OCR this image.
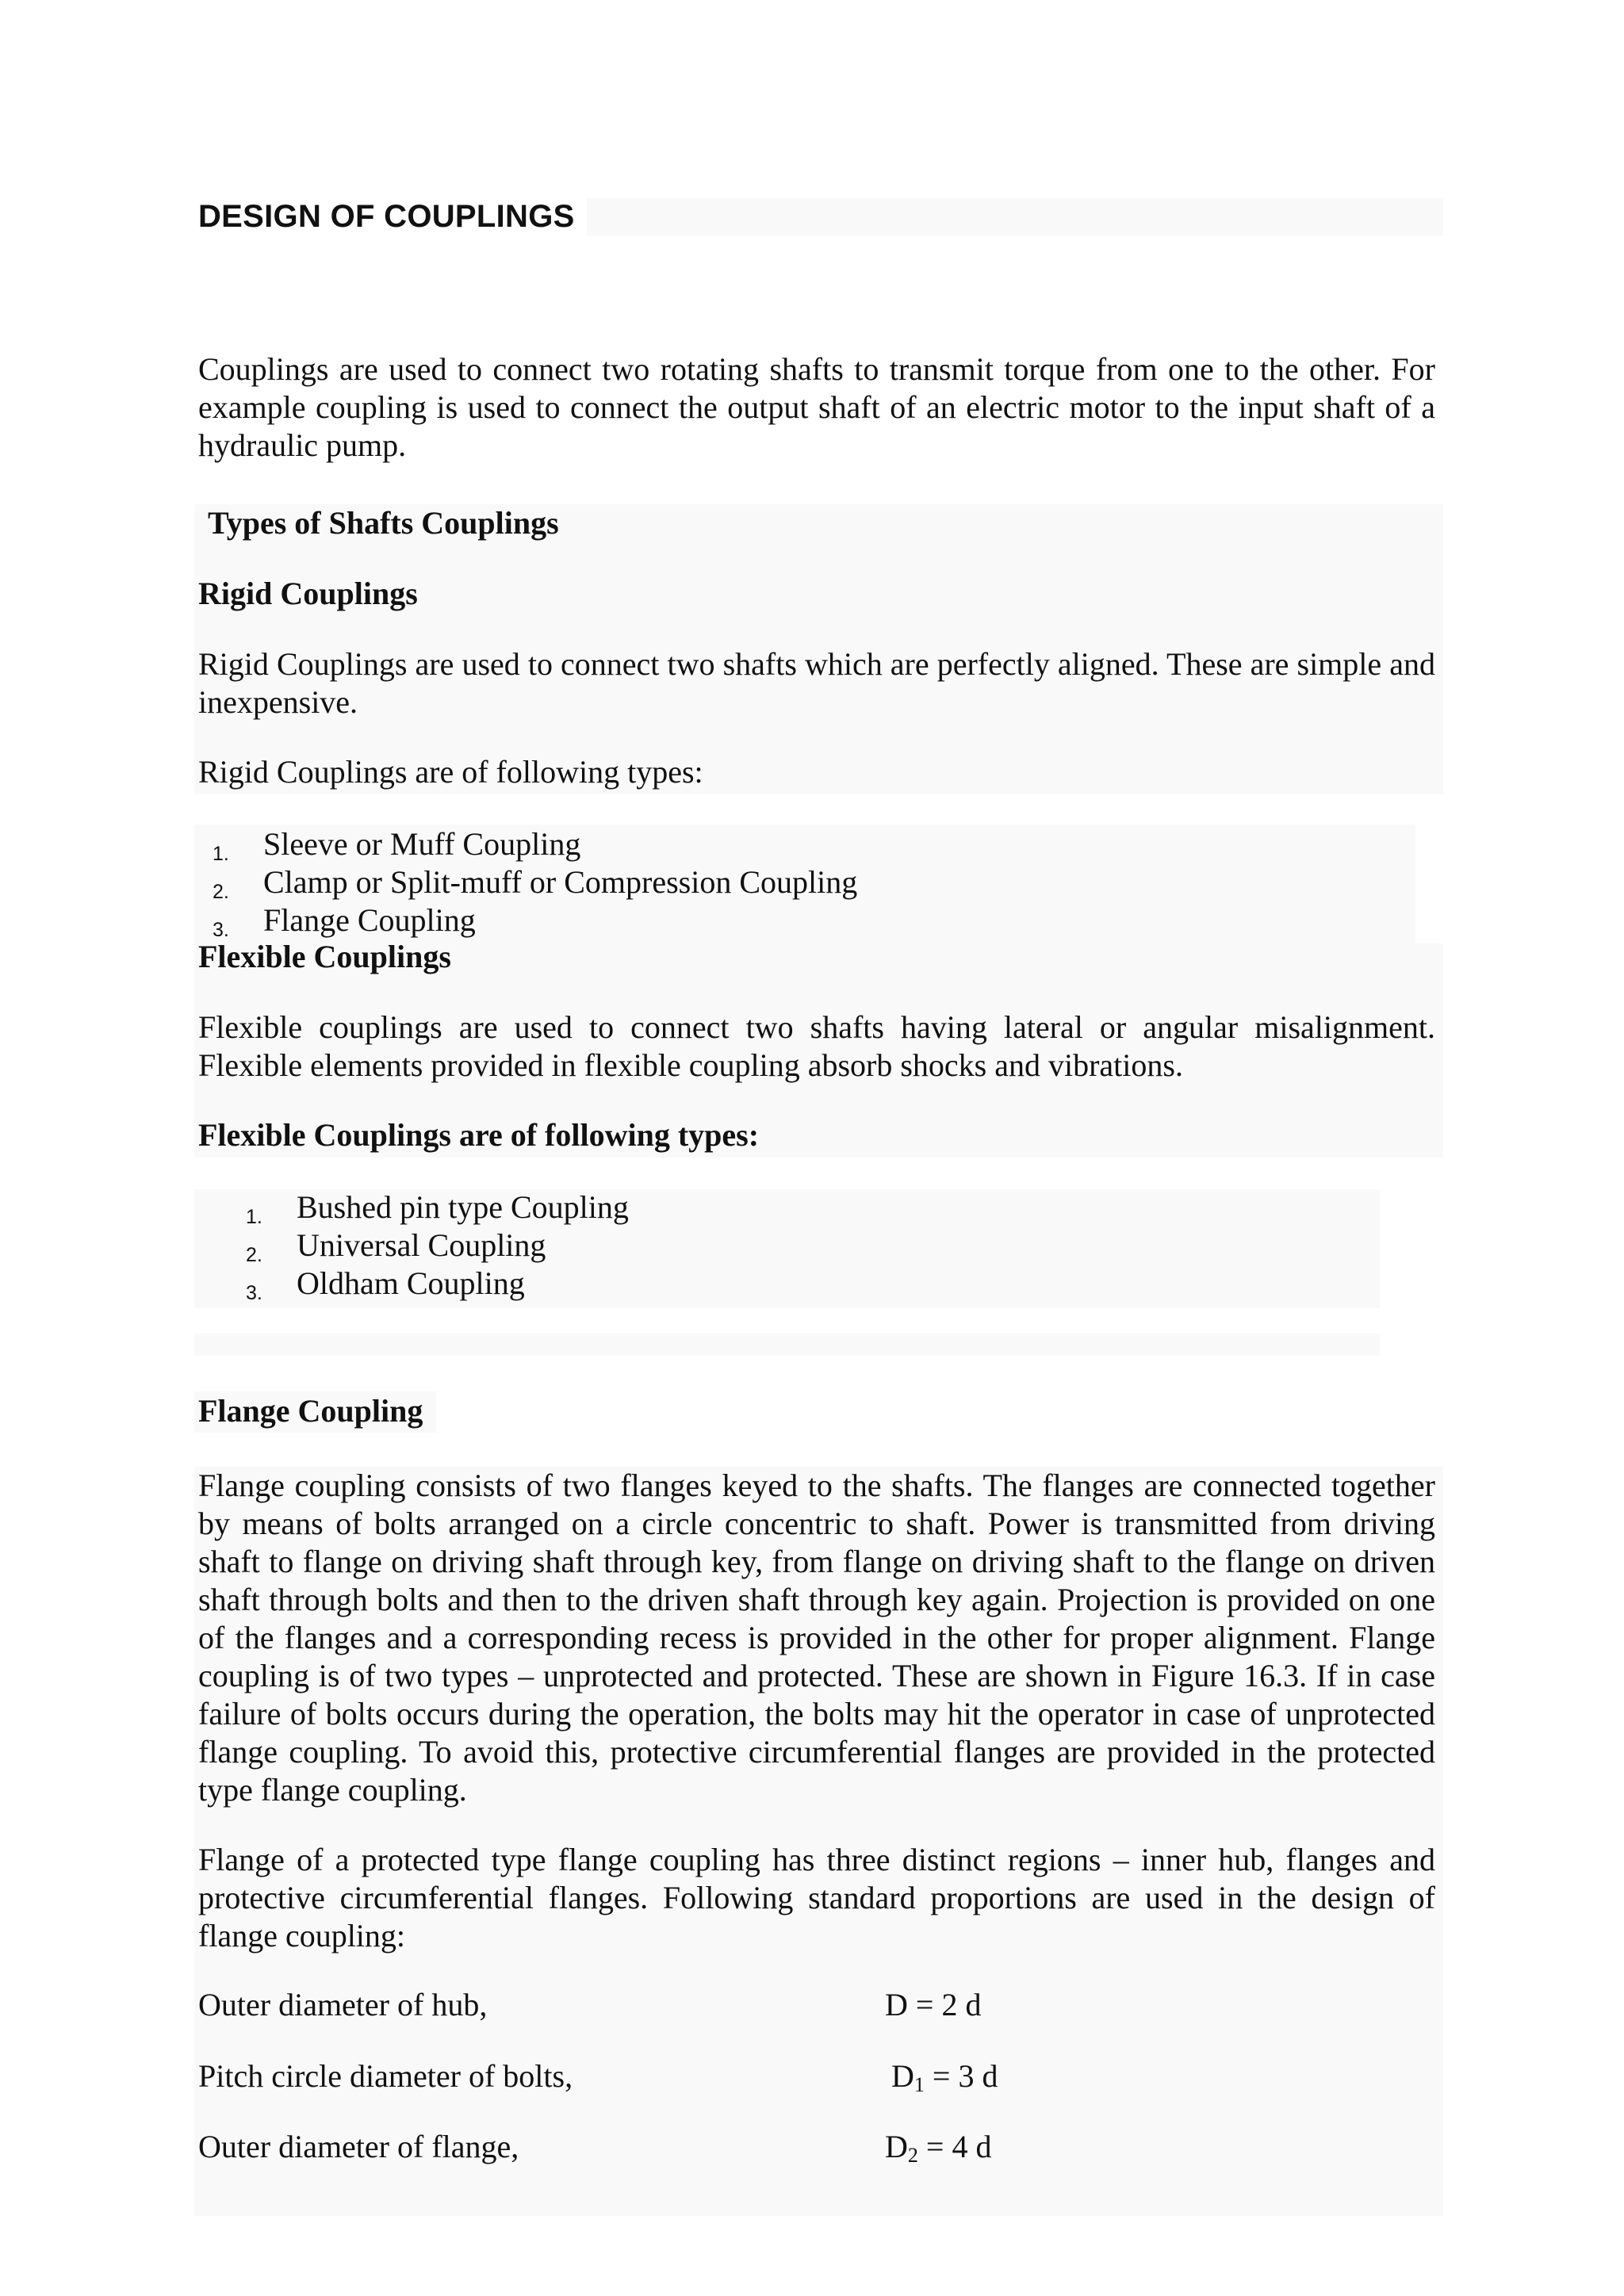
DESIGN OF COUPLINGS
Couplings are used to connect two rotating shafts to transmit torque from one to the other. For example coupling is used to connect the output shaft of an electric motor to the input shaft of a hydraulic pump.
Types of Shafts Couplings
Rigid Couplings
Rigid Couplings are used to connect two shafts which are perfectly aligned. These are simple and inexpensive.
Rigid Couplings are of following types:
1. Sleeve or Muff Coupling
2. Clamp or Split-muff or Compression Coupling
3. Flange Coupling
Flexible Couplings
Flexible couplings are used to connect two shafts having lateral or angular misalignment. Flexible elements provided in flexible coupling absorb shocks and vibrations.
Flexible Couplings are of following types:
1. Bushed pin type Coupling
2. Universal Coupling
3. Oldham Coupling
Flange Coupling
Flange coupling consists of two flanges keyed to the shafts. The flanges are connected together by means of bolts arranged on a circle concentric to shaft. Power is transmitted from driving shaft to flange on driving shaft through key, from flange on driving shaft to the flange on driven shaft through bolts and then to the driven shaft through key again. Projection is provided on one of the flanges and a corresponding recess is provided in the other for proper alignment. Flange coupling is of two types – unprotected and protected. These are shown in Figure 16.3. If in case failure of bolts occurs during the operation, the bolts may hit the operator in case of unprotected flange coupling. To avoid this, protective circumferential flanges are provided in the protected type flange coupling.
Flange of a protected type flange coupling has three distinct regions – inner hub, flanges and protective circumferential flanges. Following standard proportions are used in the design of flange coupling:
Outer diameter of hub,	D = 2 d
Pitch circle diameter of bolts,	$D_1 = 3$ d
Outer diameter of flange,	$D_2 = 4$ d
